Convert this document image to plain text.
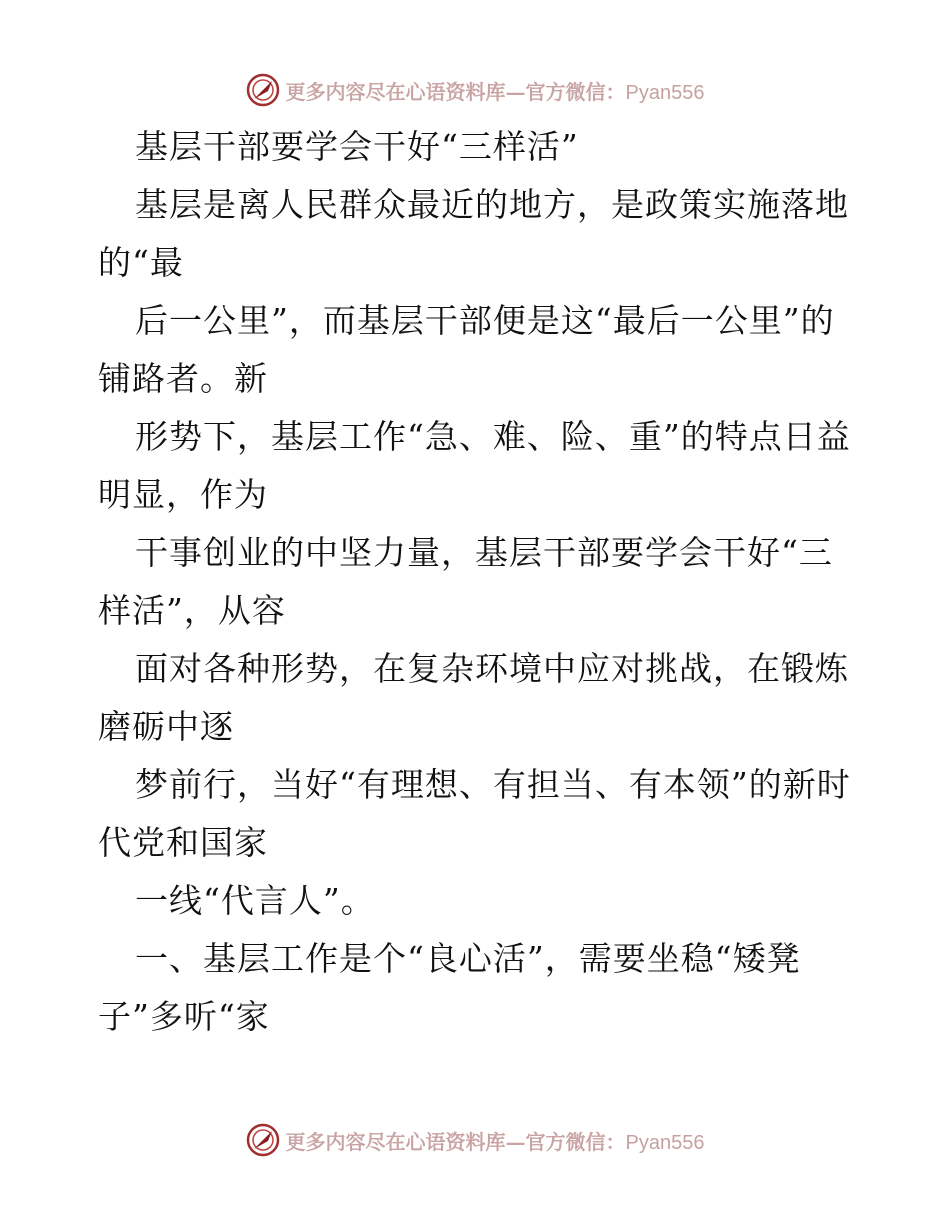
更多内容尽在心语资料库—官方微信：Pyan556

基层干部要学会干好“三样活”

基层是离人民群众最近的地方，是政策实施落地的“最

后一公里”，而基层干部便是这“最后一公里”的铺路者。新

形势下，基层工作“急、难、险、重”的特点日益明显，作为

干事创业的中坚力量，基层干部要学会干好“三样活”，从容

面对各种形势，在复杂环境中应对挑战，在锻炼磨砺中逐

梦前行，当好“有理想、有担当、有本领”的新时代党和国家

一线“代言人”。

一、基层工作是个“良心活”，需要坐稳“矮凳子”多听“家

更多内容尽在心语资料库—官方微信：Pyan556
